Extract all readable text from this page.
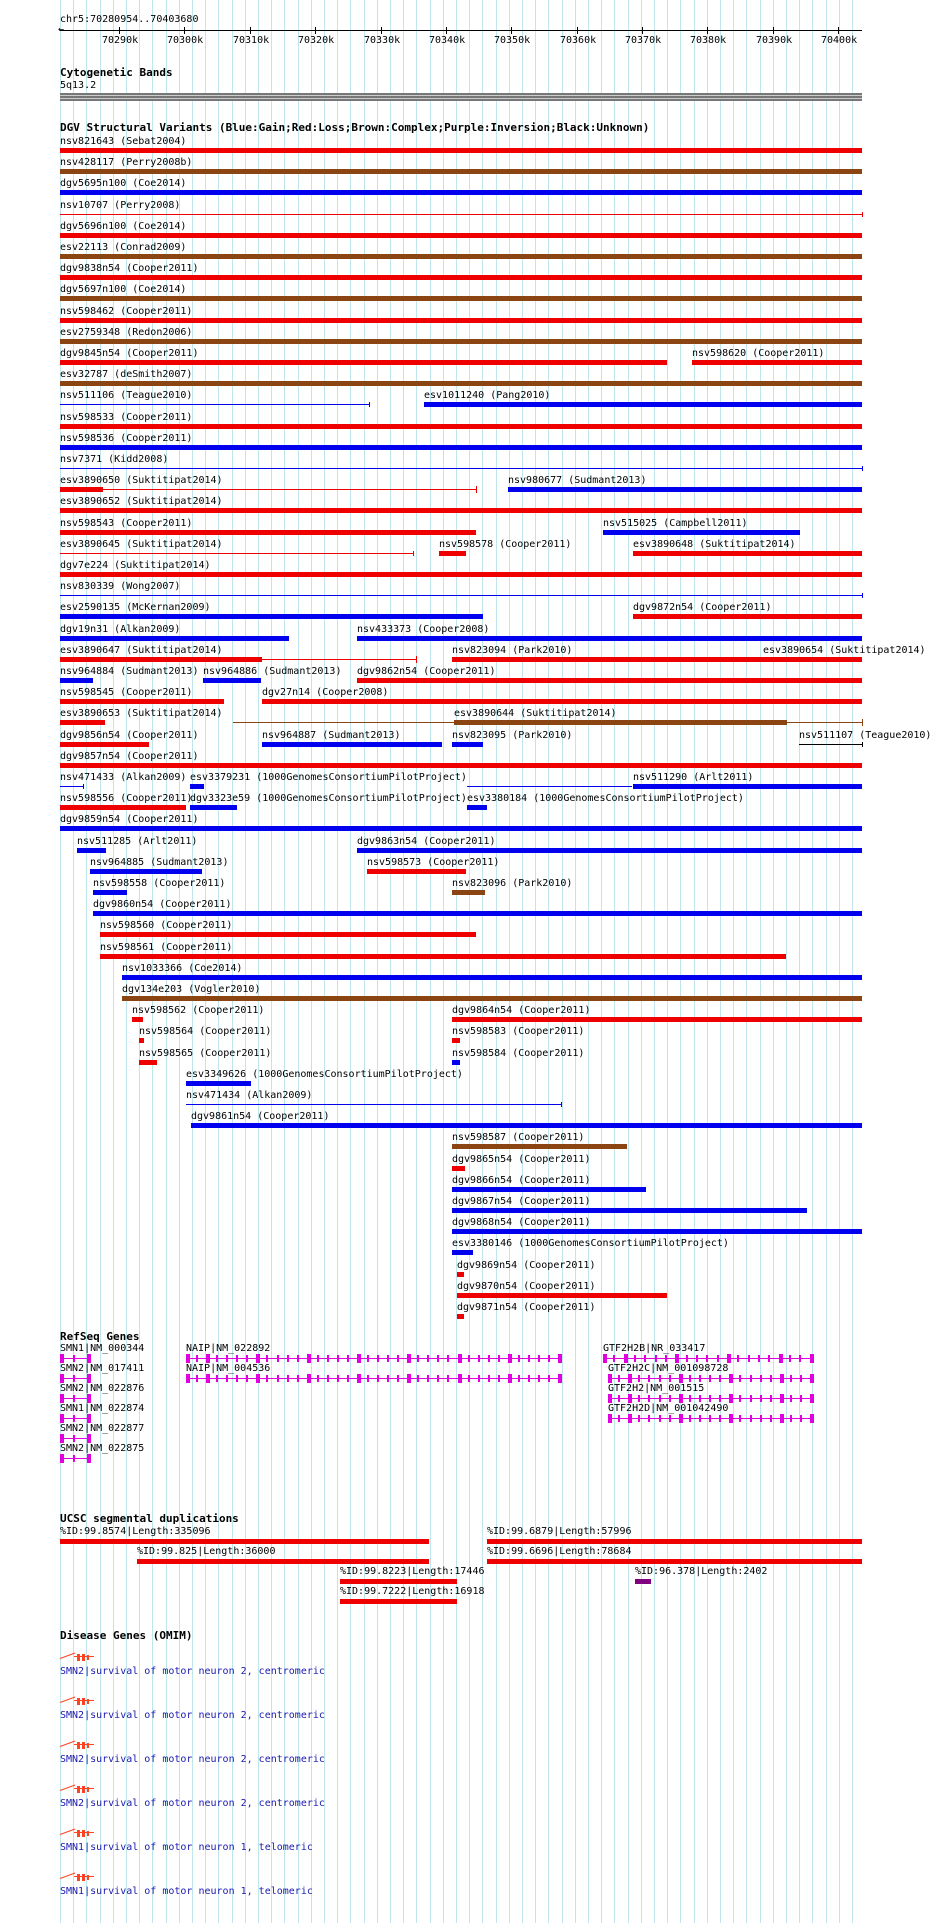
chr5:70280954..70403680
←
70290k	70300k	70310k	70320k	70330k	70340k	70350k	70360k	70370k	70380k	70390k	70400k
Cytogenetic Bands
5q13.2
DGV Structural Variants (Blue:Gain;Red:Loss;Brown:Complex;Purple:Inversion;Black:Unknown)
nsv821643 (Sebat2004)
nsv428117 (Perry2008b)
dgv5695n100 (Coe2014)
nsv10707 (Perry2008)
dgv5696n100 (Coe2014)
esv22113 (Conrad2009)
dgv9838n54 (Cooper2011)
dgv5697n100 (Coe2014)
nsv598462 (Cooper2011)
esv2759348 (Redon2006)
dgv9845n54 (Cooper2011)	nsv598620 (Cooper2011)
esv32787 (deSmith2007)
nsv511106 (Teague2010)	esv1011240 (Pang2010)
nsv598533 (Cooper2011)
nsv598536 (Cooper2011)
nsv7371 (Kidd2008)
esv3890650 (Suktitipat2014)	nsv980677 (Sudmant2013)
esv3890652 (Suktitipat2014)
nsv598543 (Cooper2011)	nsv515025 (Campbell2011)
esv3890645 (Suktitipat2014)	nsv598578 (Cooper2011)	esv3890648 (Suktitipat2014)
dgv7e224 (Suktitipat2014)
nsv830339 (Wong2007)
esv2590135 (McKernan2009)	dgv9872n54 (Cooper2011)
dgv19n31 (Alkan2009)	nsv433373 (Cooper2008)
esv3890647 (Suktitipat2014)	nsv823094 (Park2010)	esv3890654 (Suktitipat2014)
nsv964884 (Sudmant2013) nsv964886 (Sudmant2013) dgv9862n54 (Cooper2011)
nsv598545 (Cooper2011)	dgv27n14 (Cooper2008)
esv3890653 (Suktitipat2014)	esv3890644 (Suktitipat2014)
dgv9856n54 (Cooper2011)	nsv964887 (Sudmant2013)	nsv823095 (Park2010)	nsv511107 (Teague2010)
dgv9857n54 (Cooper2011)
nsv471433 (Alkan2009) esv3379231 (1000GenomesConsortiumPilotProject)	nsv511290 (Arlt2011)
nsv598556 (Cooper2011)
dgv3323e59 (1000GenomesConsortiumPilotProject) esv3380184 (1000GenomesConsortiumPilotProject)
dgv9859n54 (Cooper2011)
nsv511285 (Arlt2011)	dgv9863n54 (Cooper2011)
nsv964885 (Sudmant2013)	nsv598573 (Cooper2011)
nsv598558 (Cooper2011)	nsv823096 (Park2010)
dgv9860n54 (Cooper2011)
nsv598560 (Cooper2011)
nsv598561 (Cooper2011)
nsv1033366 (Coe2014)
dgv134e203 (Vogler2010)
nsv598562 (Cooper2011)	dgv9864n54 (Cooper2011)
nsv598564 (Cooper2011)	nsv598583 (Cooper2011)
nsv598565 (Cooper2011)	nsv598584 (Cooper2011)
esv3349626 (1000GenomesConsortiumPilotProject)
nsv471434 (Alkan2009)
dgv9861n54 (Cooper2011)
nsv598587 (Cooper2011)
dgv9865n54 (Cooper2011)
dgv9866n54 (Cooper2011)
dgv9867n54 (Cooper2011)
dgv9868n54 (Cooper2011)
esv3380146 (1000GenomesConsortiumPilotProject)
dgv9869n54 (Cooper2011)
dgv9870n54 (Cooper2011)
dgv9871n54 (Cooper2011)
RefSeq Genes
SMN1|NM_000344	NAIP|NM_022892	GTF2H2B|NR_033417
SMN2|NM_017411	NAIP|NM_004536	GTF2H2C|NM_001098728
SMN2|NM_022876	GTF2H2|NM_001515
SMN1|NM_022874	GTF2H2D|NM_001042490
SMN2|NM_022877
SMN2|NM_022875
UCSC segmental duplications
%ID:99.8574|Length:335096	%ID:99.6879|Length:57996
%ID:99.825|Length:36000	%ID:99.6696|Length:78684
%ID:99.8223|Length:17446	%ID:96.378|Length:2402
%ID:99.7222|Length:16918
Disease Genes (OMIM)
SMN2|survival of motor neuron 2, centromeric
SMN2|survival of motor neuron 2, centromeric
SMN2|survival of motor neuron 2, centromeric
SMN2|survival of motor neuron 2, centromeric
SMN1|survival of motor neuron 1, telomeric
SMN1|survival of motor neuron 1, telomeric
